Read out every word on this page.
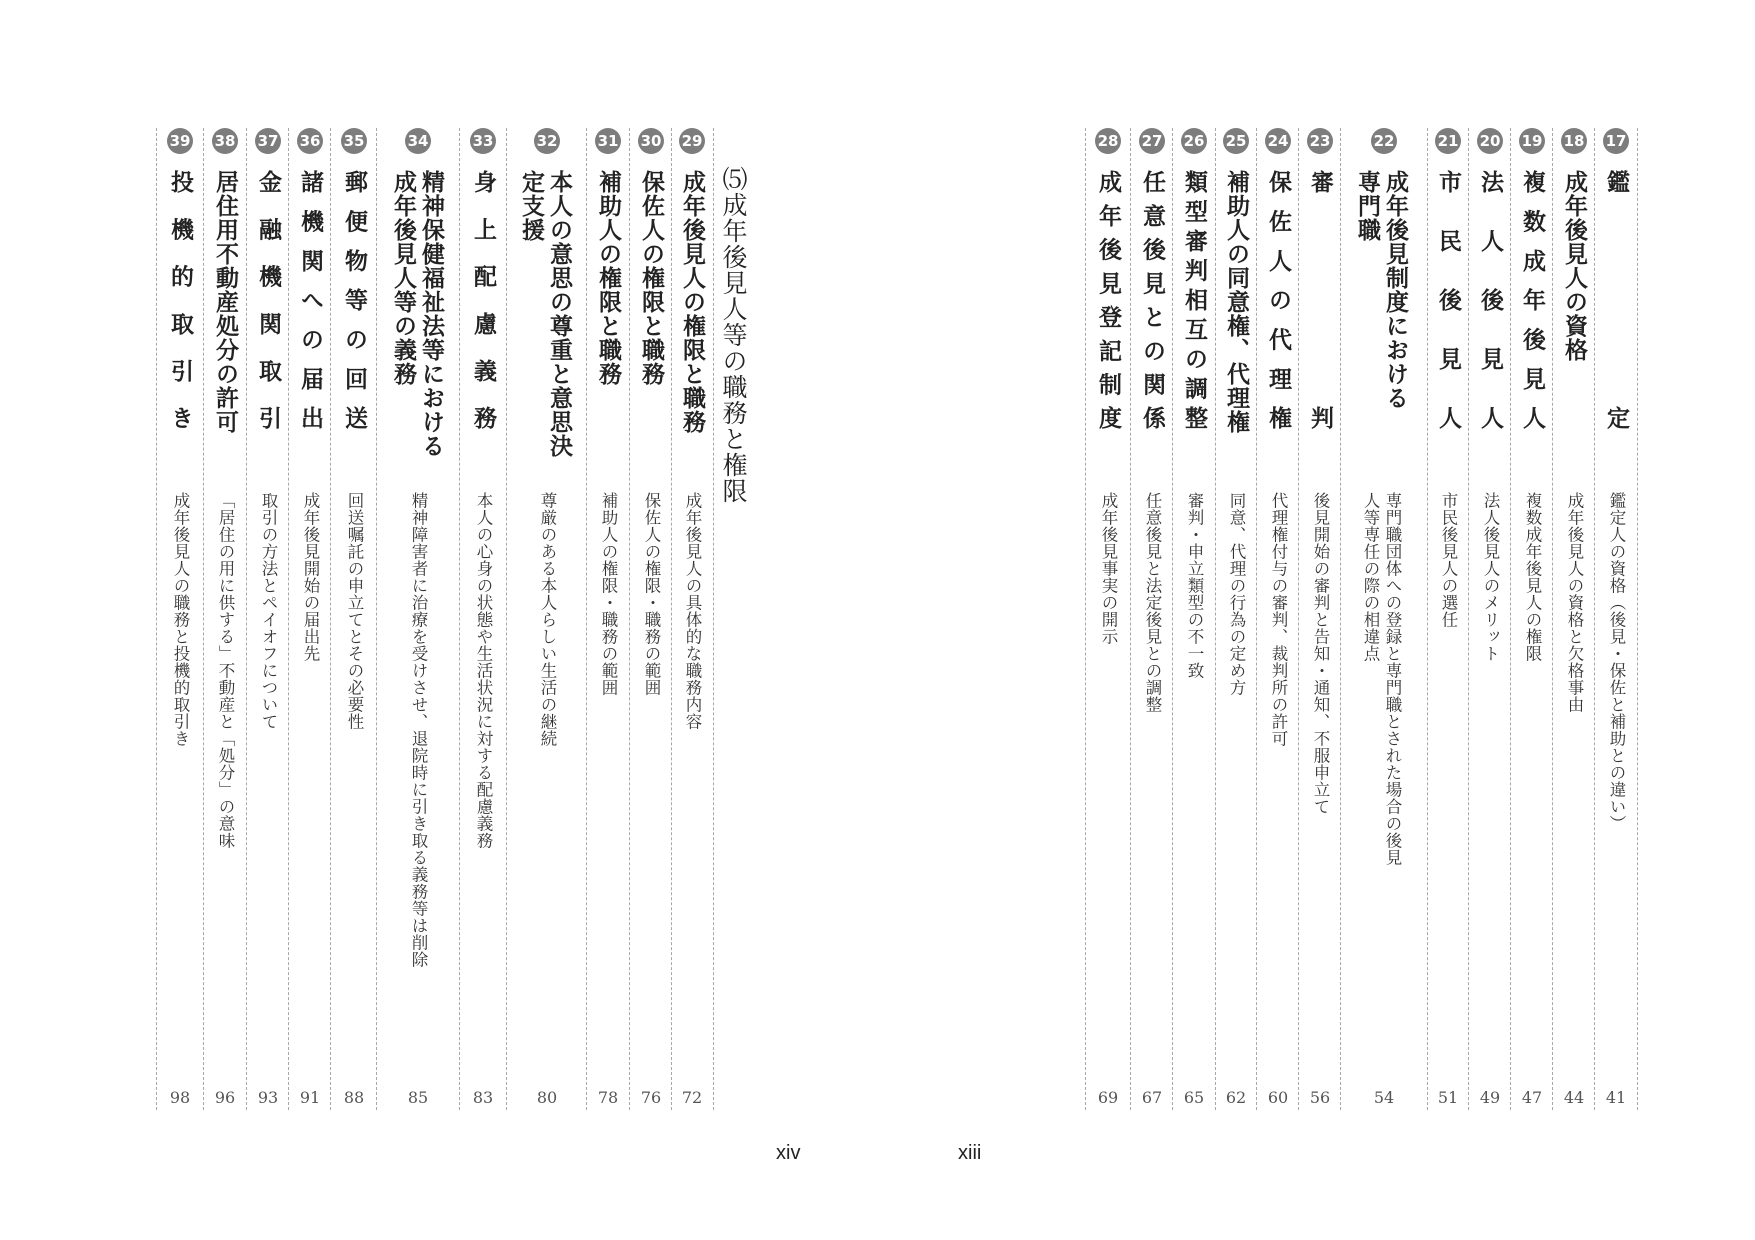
⑸成年後見人等の職務と権限
29
成年後見人の権限と職務
成年後見人の具体的な職務内容
72
30
保佐人の権限と職務
保佐人の権限・職務の範囲
76
31
補助人の権限と職務
補助人の権限・職務の範囲
78
32
本人の意思の尊重と意思決定支援
尊厳のある本人らしい生活の継続
80
33
身上配慮義務
本人の心身の状態や生活状況に対する配慮義務
83
34
精神保健福祉法等における成年後見人等の義務
精神障害者に治療を受けさせ、退院時に引き取る義務等は削除
85
35
郵便物等の回送
回送嘱託の申立てとその必要性
88
36
諸機関への届出
成年後見開始の届出先
91
37
金融機関取引
取引の方法とペイオフについて
93
38
居住用不動産処分の許可
「居住の用に供する」不動産と「処分」の意味
96
39
投機的取引き
成年後見人の職務と投機的取引き
98
xiv
17
鑑定
鑑定人の資格（後見・保佐と補助との違い）
41
18
成年後見人の資格
成年後見人の資格と欠格事由
44
19
複数成年後見人
複数成年後見人の権限
47
20
法人後見人
法人後見人のメリット
49
21
市民後見人
市民後見人の選任
51
22
成年後見制度における専門職
専門職団体への登録と専門職とされた場合の後見人等専任の際の相違点
54
23
審判
後見開始の審判と告知・通知、不服申立て
56
24
保佐人の代理権
代理権付与の審判、裁判所の許可
60
25
補助人の同意権、代理権
同意、代理の行為の定め方
62
26
類型審判相互の調整
審判・申立類型の不一致
65
27
任意後見との関係
任意後見と法定後見との調整
67
28
成年後見登記制度
成年後見事実の開示
69
xiii
